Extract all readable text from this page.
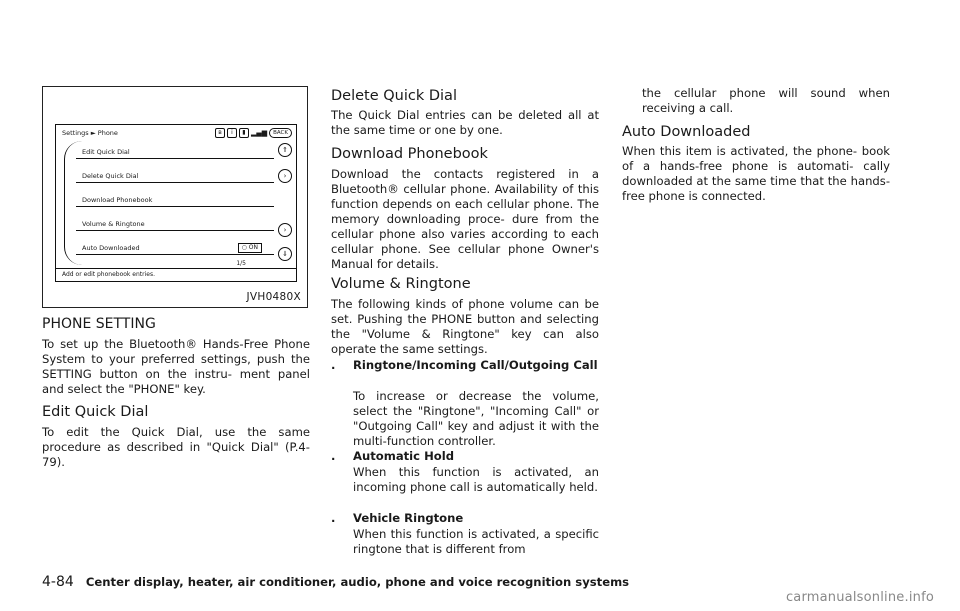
Settings ► Phone	ʙ	i	▮ ▂▄▆	BACK
Edit Quick Dial
Delete Quick Dial
Download Phonebook
Volume & Ringtone
Auto Downloaded	○ ON
1/5
⇑
›
›
⇓
Add or edit phonebook entries.
JVH0480X
PHONE SETTING

To set up the Bluetooth® Hands-Free Phone System to your preferred settings, push the SETTING button on the instru- ment panel and select the "PHONE" key.

Edit Quick Dial

To edit the Quick Dial, use the same procedure as described in "Quick Dial" (P.4-79).

Delete Quick Dial

The Quick Dial entries can be deleted all at the same time or one by one.

Download Phonebook

Download the contacts registered in a Bluetooth® cellular phone. Availability of this function depends on each cellular phone. The memory downloading proce- dure from the cellular phone also varies according to each cellular phone. See cellular phone Owner's Manual for details.

Volume & Ringtone

The following kinds of phone volume can be set. Pushing the PHONE button and selecting the "Volume & Ringtone" key can also operate the same settings.

. Ringtone/Incoming Call/Outgoing Call

To increase or decrease the volume, select the "Ringtone", "Incoming Call" or "Outgoing Call" key and adjust it with the multi-function controller.

. Automatic Hold

When this function is activated, an incoming phone call is automatically held.

. Vehicle Ringtone

When this function is activated, a specific ringtone that is different from

the cellular phone will sound when receiving a call.

Auto Downloaded

When this item is activated, the phone- book of a hands-free phone is automati- cally downloaded at the same time that the hands-free phone is connected.

4-84 Center display, heater, air conditioner, audio, phone and voice recognition systems
carmanualsonline.info
